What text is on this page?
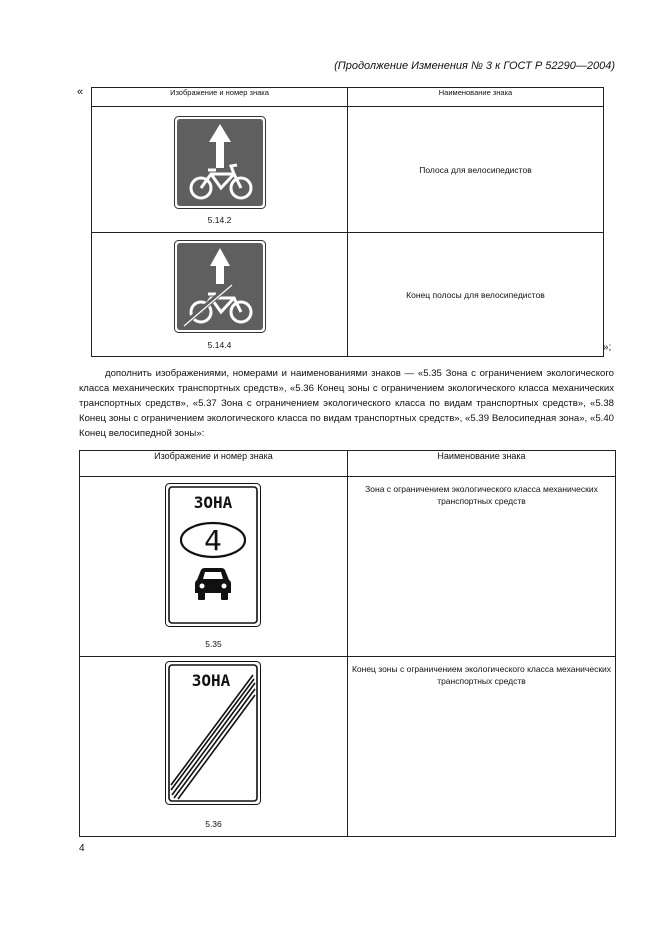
(Продолжение Изменения № 3 к ГОСТ Р 52290—2004)
«	Изображение и номер знака	Наименование знака

5.14.2	Полоса для велосипедистов

5.14.4	Конец полосы для велосипедистов
»;

дополнить изображениями, номерами и наименованиями знаков — «5.35 Зона с ограничением экологического класса механических транспортных средств», «5.36 Конец зоны с ограничением экологического класса механических транспортных средств», «5.37 Зона с ограничением экологического класса по видам транспортных средств», «5.38 Конец зоны с ограничением экологического класса по видам транспортных средств», «5.39 Велосипедная зона», «5.40 Конец велосипедной зоны»:

Изображение и номер знака	Наименование знака

ЗОНА
4
5.35	Зона с ограничением экологического класса механических транспортных средств

ЗОНА
5.36	Конец зоны с ограничением экологического класса механических транспортных средств
4
